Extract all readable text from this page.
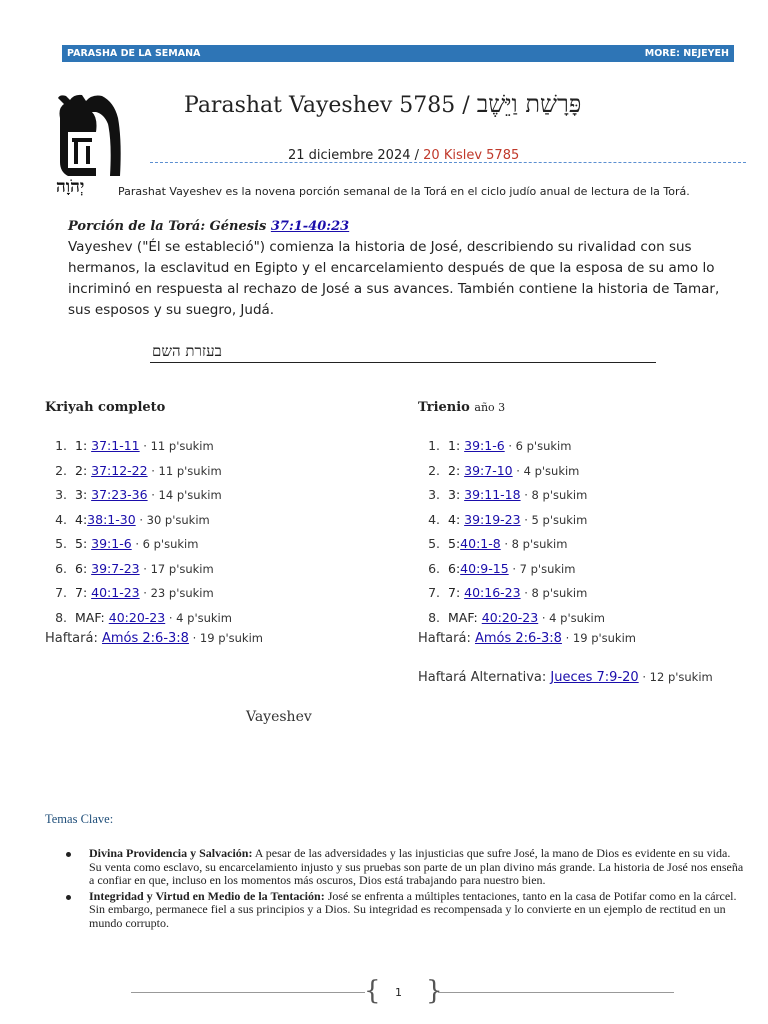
PARASHA DE LA SEMANA	MORE: NEJEYEH
יְהֹוָה
Parashat Vayeshev 5785 / פָּרָשַׁת וַיֵּשֶׁב
21 diciembre 2024 / 20 Kislev 5785
Parashat Vayeshev es la novena porción semanal de la Torá en el ciclo judío anual de lectura de la Torá.
Porción de la Torá: Génesis 37:1-40:23
Vayeshev ("Él se estableció") comienza la historia de José, describiendo su rivalidad con sus hermanos, la esclavitud en Egipto y el encarcelamiento después de que la esposa de su amo lo incriminó en respuesta al rechazo de José a sus avances. También contiene la historia de Tamar, sus esposos y su suegro, Judá.
בעזרת השם
Kriyah completo	Trienio año 3
1. 1: 37:1-11 · 11 p'sukim
2. 2: 37:12-22 · 11 p'sukim
3. 3: 37:23-36 · 14 p'sukim
4. 4:38:1-30 · 30 p'sukim
5. 5: 39:1-6 · 6 p'sukim
6. 6: 39:7-23 · 17 p'sukim
7. 7: 40:1-23 · 23 p'sukim
8. MAF: 40:20-23 · 4 p'sukim
1. 1: 39:1-6 · 6 p'sukim
2. 2: 39:7-10 · 4 p'sukim
3. 3: 39:11-18 · 8 p'sukim
4. 4: 39:19-23 · 5 p'sukim
5. 5:40:1-8 · 8 p'sukim
6. 6:40:9-15 · 7 p'sukim
7. 7: 40:16-23 · 8 p'sukim
8. MAF: 40:20-23 · 4 p'sukim
Haftará: Amós 2:6-3:8 · 19 p'sukim	Haftará: Amós 2:6-3:8 · 19 p'sukim
Haftará Alternativa: Jueces 7:9-20 · 12 p'sukim
Vayeshev
Temas Clave:
Divina Providencia y Salvación: A pesar de las adversidades y las injusticias que sufre José, la mano de Dios es evidente en su vida. Su venta como esclavo, su encarcelamiento injusto y sus pruebas son parte de un plan divino más grande. La historia de José nos enseña a confiar en que, incluso en los momentos más oscuros, Dios está trabajando para nuestro bien.
Integridad y Virtud en Medio de la Tentación: José se enfrenta a múltiples tentaciones, tanto en la casa de Potifar como en la cárcel. Sin embargo, permanece fiel a sus principios y a Dios. Su integridad es recompensada y lo convierte en un ejemplo de rectitud en un mundo corrupto.
{ 1 }
